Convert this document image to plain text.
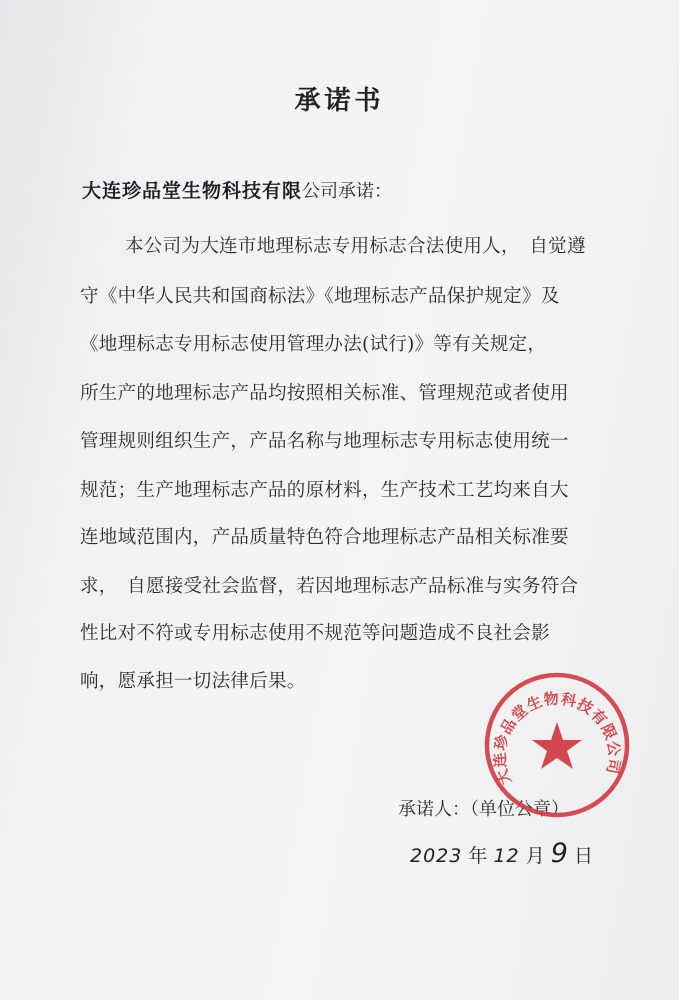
承诺书
大连珍品堂生物科技有限公司承诺：
本公司为大连市地理标志专用标志合法使用人，　自觉遵
守《中华人民共和国商标法》《地理标志产品保护规定》及
《地理标志专用标志使用管理办法(试行)》等有关规定，
所生产的地理标志产品均按照相关标准、管理规范或者使用
管理规则组织生产，产品名称与地理标志专用标志使用统一
规范；生产地理标志产品的原材料，生产技术工艺均来自大
连地域范围内，产品质量特色符合地理标志产品相关标准要
求，　自愿接受社会监督，若因地理标志产品标准与实务符合
性比对不符或专用标志使用不规范等问题造成不良社会影
响，愿承担一切法律后果。
承诺人：（单位公章）
2023 年 12 月 9 日
大连珍品堂生物科技有限公司
